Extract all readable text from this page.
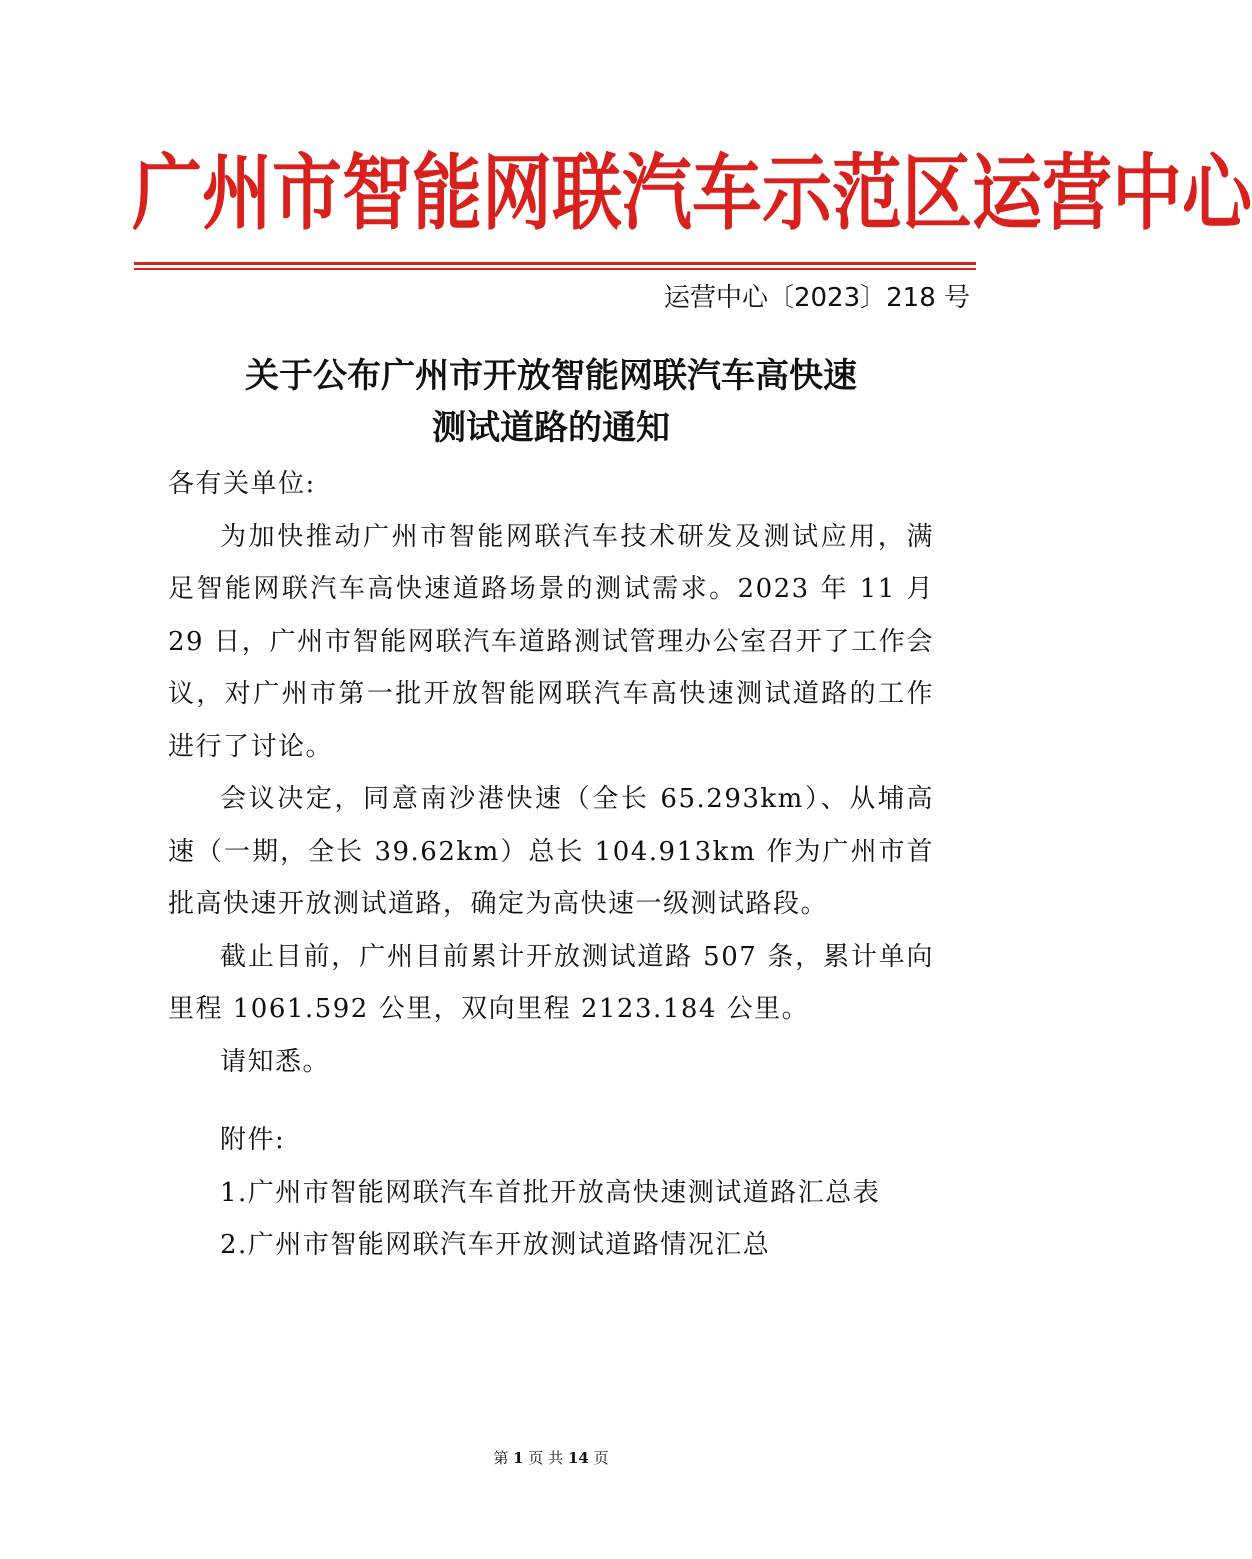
广州市智能网联汽车示范区运营中心
运营中心〔2023〕218 号
关于公布广州市开放智能网联汽车高快速
测试道路的通知

各有关单位:

为加快推动广州市智能网联汽车技术研发及测试应用，满足智能网联汽车高快速道路场景的测试需求。2023 年 11 月 29 日，广州市智能网联汽车道路测试管理办公室召开了工作会议，对广州市第一批开放智能网联汽车高快速测试道路的工作进行了讨论。

会议决定，同意南沙港快速（全长 65.293km）、从埔高速（一期，全长 39.62km）总长 104.913km 作为广州市首批高快速开放测试道路，确定为高快速一级测试路段。

截止目前，广州目前累计开放测试道路 507 条，累计单向里程 1061.592 公里，双向里程 2123.184 公里。

请知悉。

附件:

1.广州市智能网联汽车首批开放高快速测试道路汇总表

2.广州市智能网联汽车开放测试道路情况汇总

第 1 页 共 14 页
